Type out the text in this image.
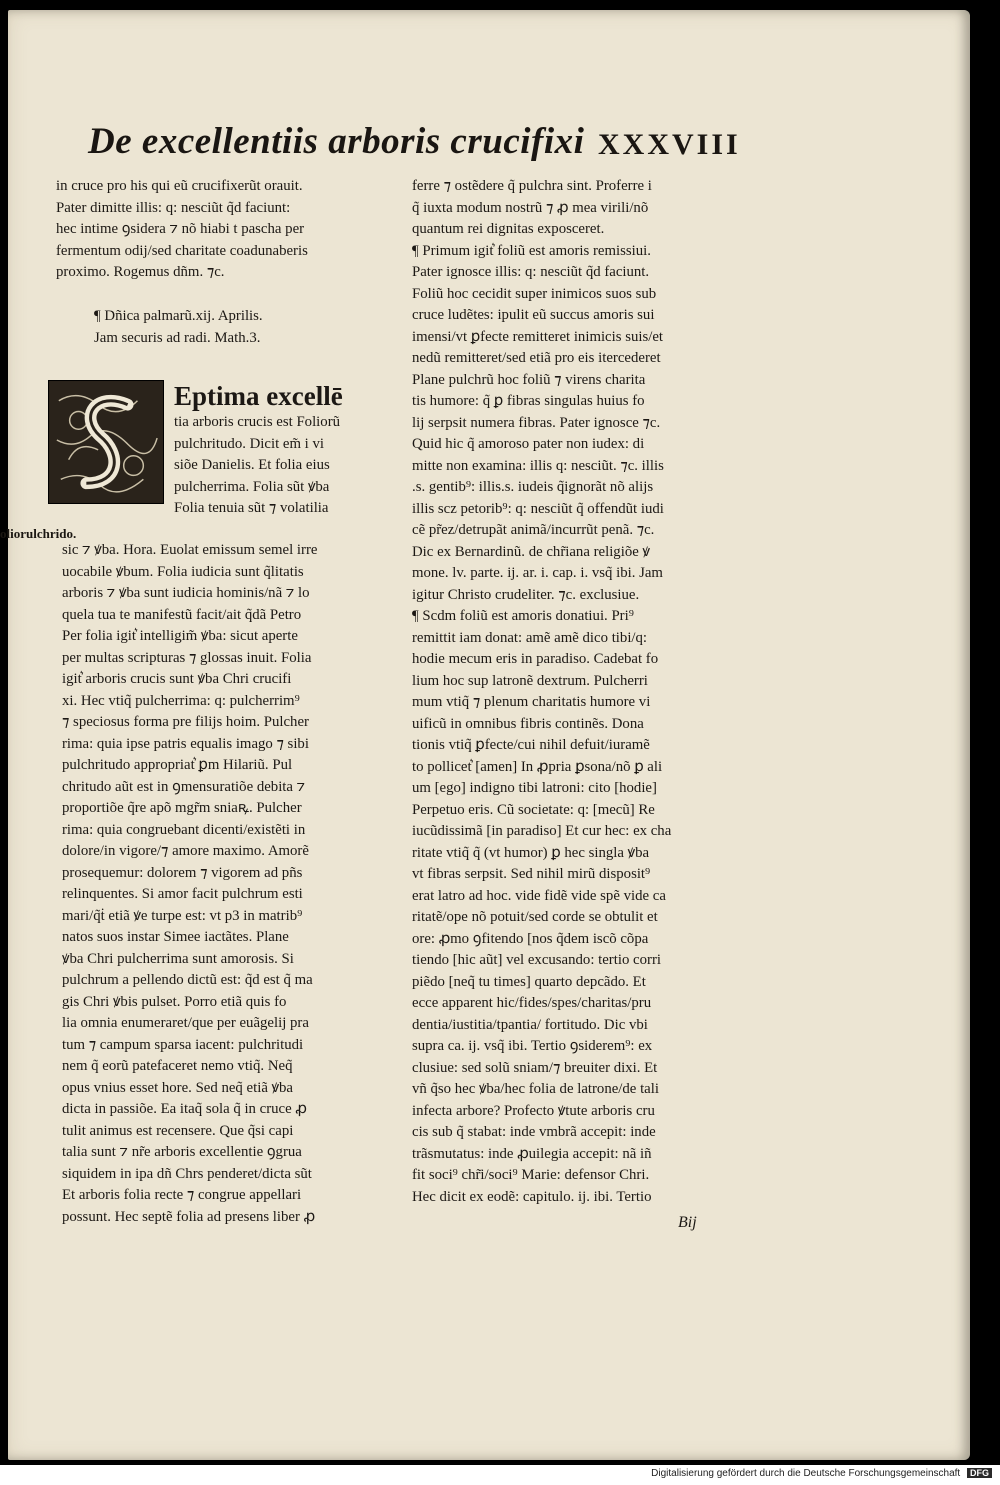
oliorulchrido.
De excellentiis arboris crucifixi XXXVIII
in cruce pro his qui eũ crucifixerũt orauit.
Pater dimitte illis: q: nesciũt q̃d faciunt:
hec intime ꝯsidera ⁊ nõ hiabi t pascha per
fermentum odij/sed charitate coadunaberis
proximo. Rogemus dñm. ⁊c.
¶ Dñica palmarũ.xij. Aprilis.
Jam securis ad radi. Math.3.
Eptima excellē
tia arboris crucis est Foliorũ
pulchritudo. Dicit em̃ i vi
siõe Danielis. Et folia eius
pulcherrima. Folia sũt ꝟba
Folia tenuia sũt ⁊ volatilia
sic ⁊ ꝟba. Hora. Euolat emissum semel irre
uocabile ꝟbum. Folia iudicia sunt q̃litatis
arboris ⁊ ꝟba sunt iudicia hominis/nã ⁊ lo
quela tua te manifestũ facit/ait q̃dã Petro
Per folia igit͛ intelligim̃ ꝟba: sicut aperte
per multas scripturas ⁊ glossas inuit. Folia
igit͛ arboris crucis sunt ꝟba Chri crucifi
xi. Hec vtiq̃ pulcherrima: q: pulcherrim⁹
⁊ speciosus forma pre filijs hoim. Pulcher
rima: quia ipse patris equalis imago ⁊ sibi
pulchritudo appropriat͛ ꝑm Hilariũ. Pul
chritudo aũt est in ꝯmensuratiõe debita ⁊
proportiõe q̃re apõ mgr̃m sniaꝶ. Pulcher
rima: quia congruebant dicenti/existẽti in
dolore/in vigore/⁊ amore maximo. Amorẽ
prosequemur: dolorem ⁊ vigorem ad pñs
relinquentes. Si amor facit pulchrum esti
mari/q̃ṫ etiã ꝟe turpe est: vt p3 in matrib⁹
natos suos instar Simee iactãtes. Plane
ꝟba Chri pulcherrima sunt amorosis. Si
pulchrum a pellendo dictũ est: q̃d est q̃ ma
gis Chri ꝟbis pulset. Porro etiã quis fo
lia omnia enumeraret/que per euãgelij pra
tum ⁊ campum sparsa iacent: pulchritudi
nem q̃ eorũ patefaceret nemo vtiq̃. Neq̃
opus vnius esset hore. Sed neq̃ etiã ꝟba
dicta in passiõe. Ea itaq̃ sola q̃ in cruce ꝓ
tulit animus est recensere. Que q̃si capi
talia sunt ⁊ nr̃e arboris excellentie ꝯgrua
siquidem in ipa dñ Chrs penderet/dicta sũt
Et arboris folia recte ⁊ congrue appellari
possunt. Hec septẽ folia ad presens liber ꝓ
ferre ⁊ ostẽdere q̃ pulchra sint. Proferre i
q̃ iuxta modum nostrũ ⁊ ꝓ mea virili/nõ
quantum rei dignitas exposceret.
¶ Primum igit͛ foliũ est amoris remissiui.
Pater ignosce illis: q: nesciũt q̃d faciunt.
Foliũ hoc cecidit super inimicos suos sub
cruce ludẽtes: ipulit eũ succus amoris sui
imensi/vt ꝑfecte remitteret inimicis suis/et
nedũ remitteret/sed etiã pro eis itercederet
Plane pulchrũ hoc foliũ ⁊ virens charita
tis humore: q̃ ꝑ fibras singulas huius fo
lij serpsit numera fibras. Pater ignosce ⁊c.
Quid hic q̃ amoroso pater non iudex: di
mitte non examina: illis q: nesciũt. ⁊c. illis
.s. gentib⁹: illis.s. iudeis q̃ignorãt nõ alijs
illis scz petorib⁹: q: nesciũt q̃ offendũt iudi
cẽ pr̃ez/detrupãt animã/incurrũt penã. ⁊c.
Dic ex Bernardinũ. de chr̃iana religiõe ꝟ
mone. lv. parte. ij. ar. i. cap. i. vsq̃ ibi. Jam
igitur Christo crudeliter. ⁊c. exclusiue.
¶ Scdm foliũ est amoris donatiui. Pri⁹
remittit iam donat: amẽ amẽ dico tibi/q:
hodie mecum eris in paradiso. Cadebat fo
lium hoc sup latronẽ dextrum. Pulcherri
mum vtiq̃ ⁊ plenum charitatis humore vi
uificũ in omnibus fibris continẽs. Dona
tionis vtiq̃ ꝑfecte/cui nihil defuit/iuramẽ
to pollicet͛ [amen] In ꝓpria ꝑsona/nõ ꝑ ali
um [ego] indigno tibi latroni: cito [hodie]
Perpetuo eris. Cũ societate: q: [mecũ] Re
iucũdissimã [in paradiso] Et cur hec: ex cha
ritate vtiq̃ q̃ (vt humor) ꝑ hec singla ꝟba
vt fibras serpsit. Sed nihil mirũ disposit⁹
erat latro ad hoc. vide fidẽ vide spẽ vide ca
ritatẽ/ope nõ potuit/sed corde se obtulit et
ore: ꝓmo ꝯfitendo [nos q̃dem iscõ cõpa
tiendo [hic aũt] vel excusando: tertio corri
piẽdo [neq̃ tu times] quarto depcãdo. Et
ecce apparent hic/fides/spes/charitas/pru
dentia/iustitia/tpantia/ fortitudo. Dic vbi
supra ca. ij. vsq̃ ibi. Tertio ꝯsiderem⁹: ex
clusiue: sed solũ sniam/⁊ breuiter dixi. Et
vñ q̃so hec ꝟba/hec folia de latrone/de tali
infecta arbore? Profecto ꝟtute arboris cru
cis sub q̃ stabat: inde vmbrã accepit: inde
trãsmutatus: inde ꝓuilegia accepit: nã iñ
fit soci⁹ chr̃i/soci⁹ Marie: defensor Chri.
Hec dicit ex eodẽ: capitulo. ij. ibi. Tertio
Bij
Digitalisierung gefördert durch die Deutsche Forschungsgemeinschaft DFG
